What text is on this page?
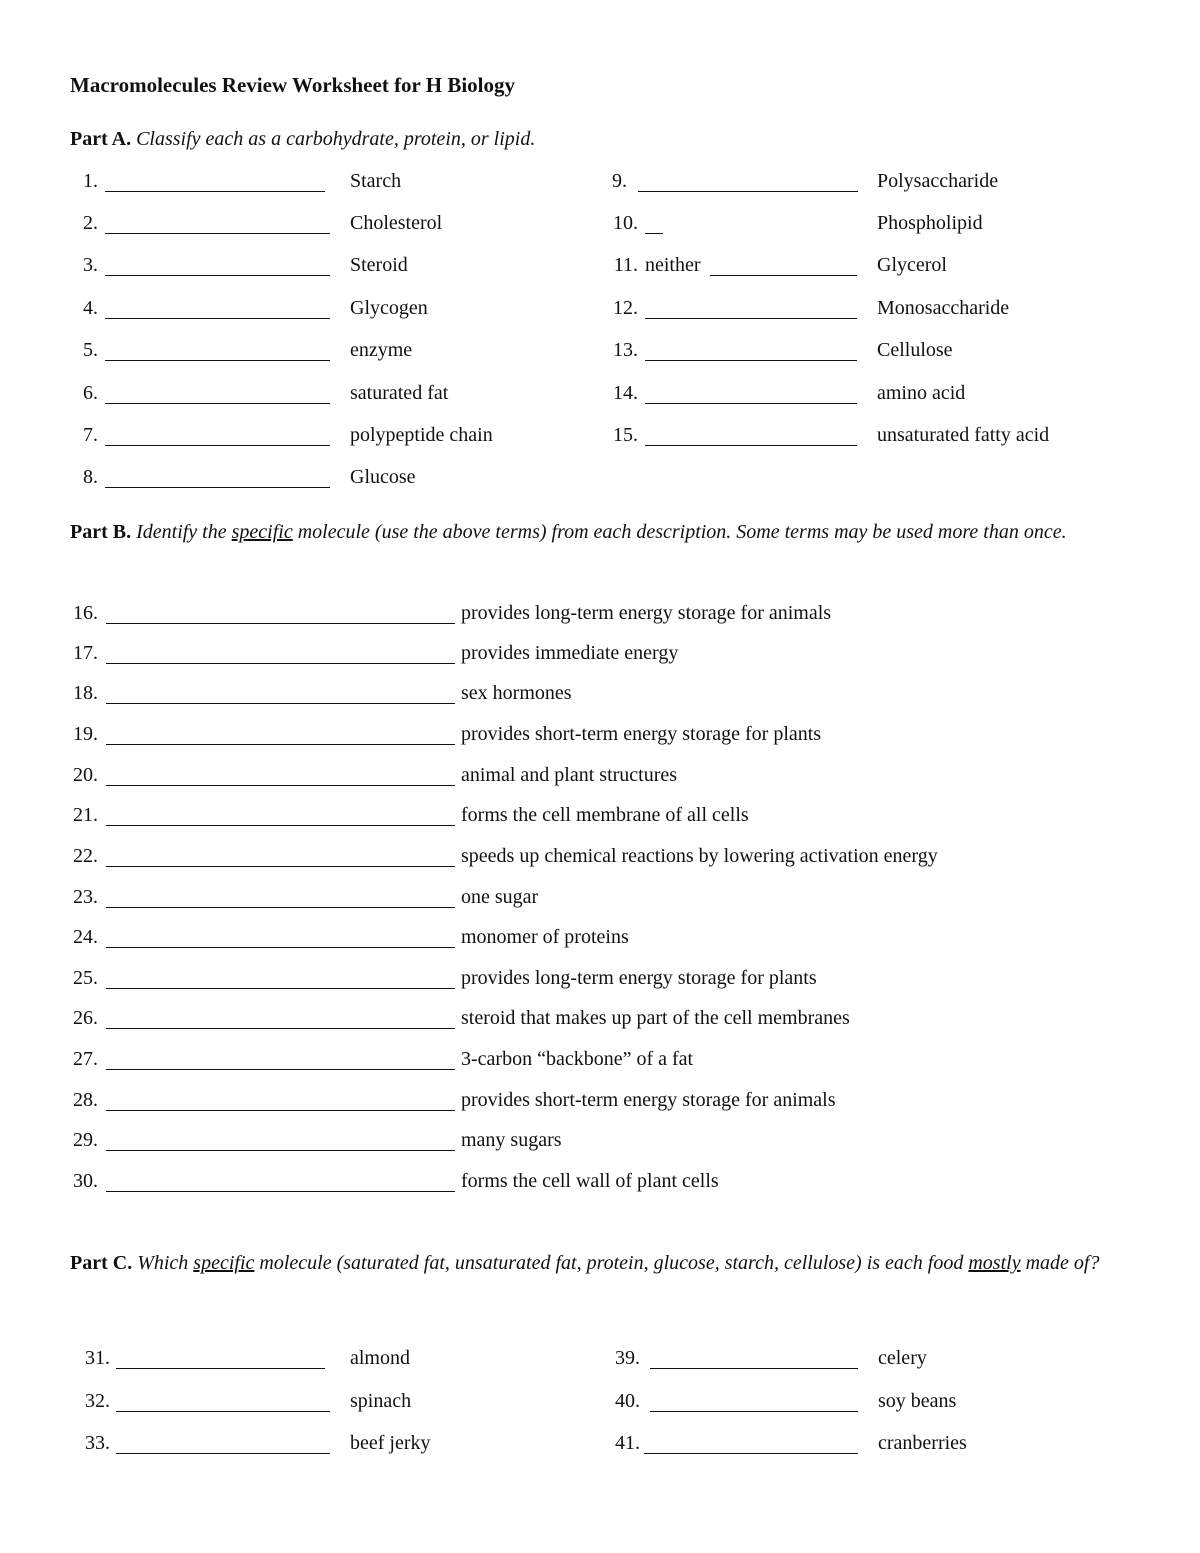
Macromolecules Review Worksheet for H Biology
Part A. Classify each as a carbohydrate, protein, or lipid.
1.	Starch
2.	Cholesterol
3.	Steroid
4.	Glycogen
5.	enzyme
6.	saturated fat
7.	polypeptide chain
8.	Glucose
9.	Polysaccharide
10.	Phospholipid
11. neither	Glycerol
12.	Monosaccharide
13.	Cellulose
14.	amino acid
15.	unsaturated fatty acid
Part B. Identify the specific molecule (use the above terms) from each description. Some terms may be used more than once.
16.	provides long-term energy storage for animals
17.	provides immediate energy
18.	sex hormones
19.	provides short-term energy storage for plants
20.	animal and plant structures
21.	forms the cell membrane of all cells
22.	speeds up chemical reactions by lowering activation energy
23.	one sugar
24.	monomer of proteins
25.	provides long-term energy storage for plants
26.	steroid that makes up part of the cell membranes
27.	3-carbon “backbone” of a fat
28.	provides short-term energy storage for animals
29.	many sugars
30.	forms the cell wall of plant cells
Part C. Which specific molecule (saturated fat, unsaturated fat, protein, glucose, starch, cellulose) is each food mostly made of?
31.	almond
32.	spinach
33.	beef jerky
39.	celery
40.	soy beans
41.	cranberries
